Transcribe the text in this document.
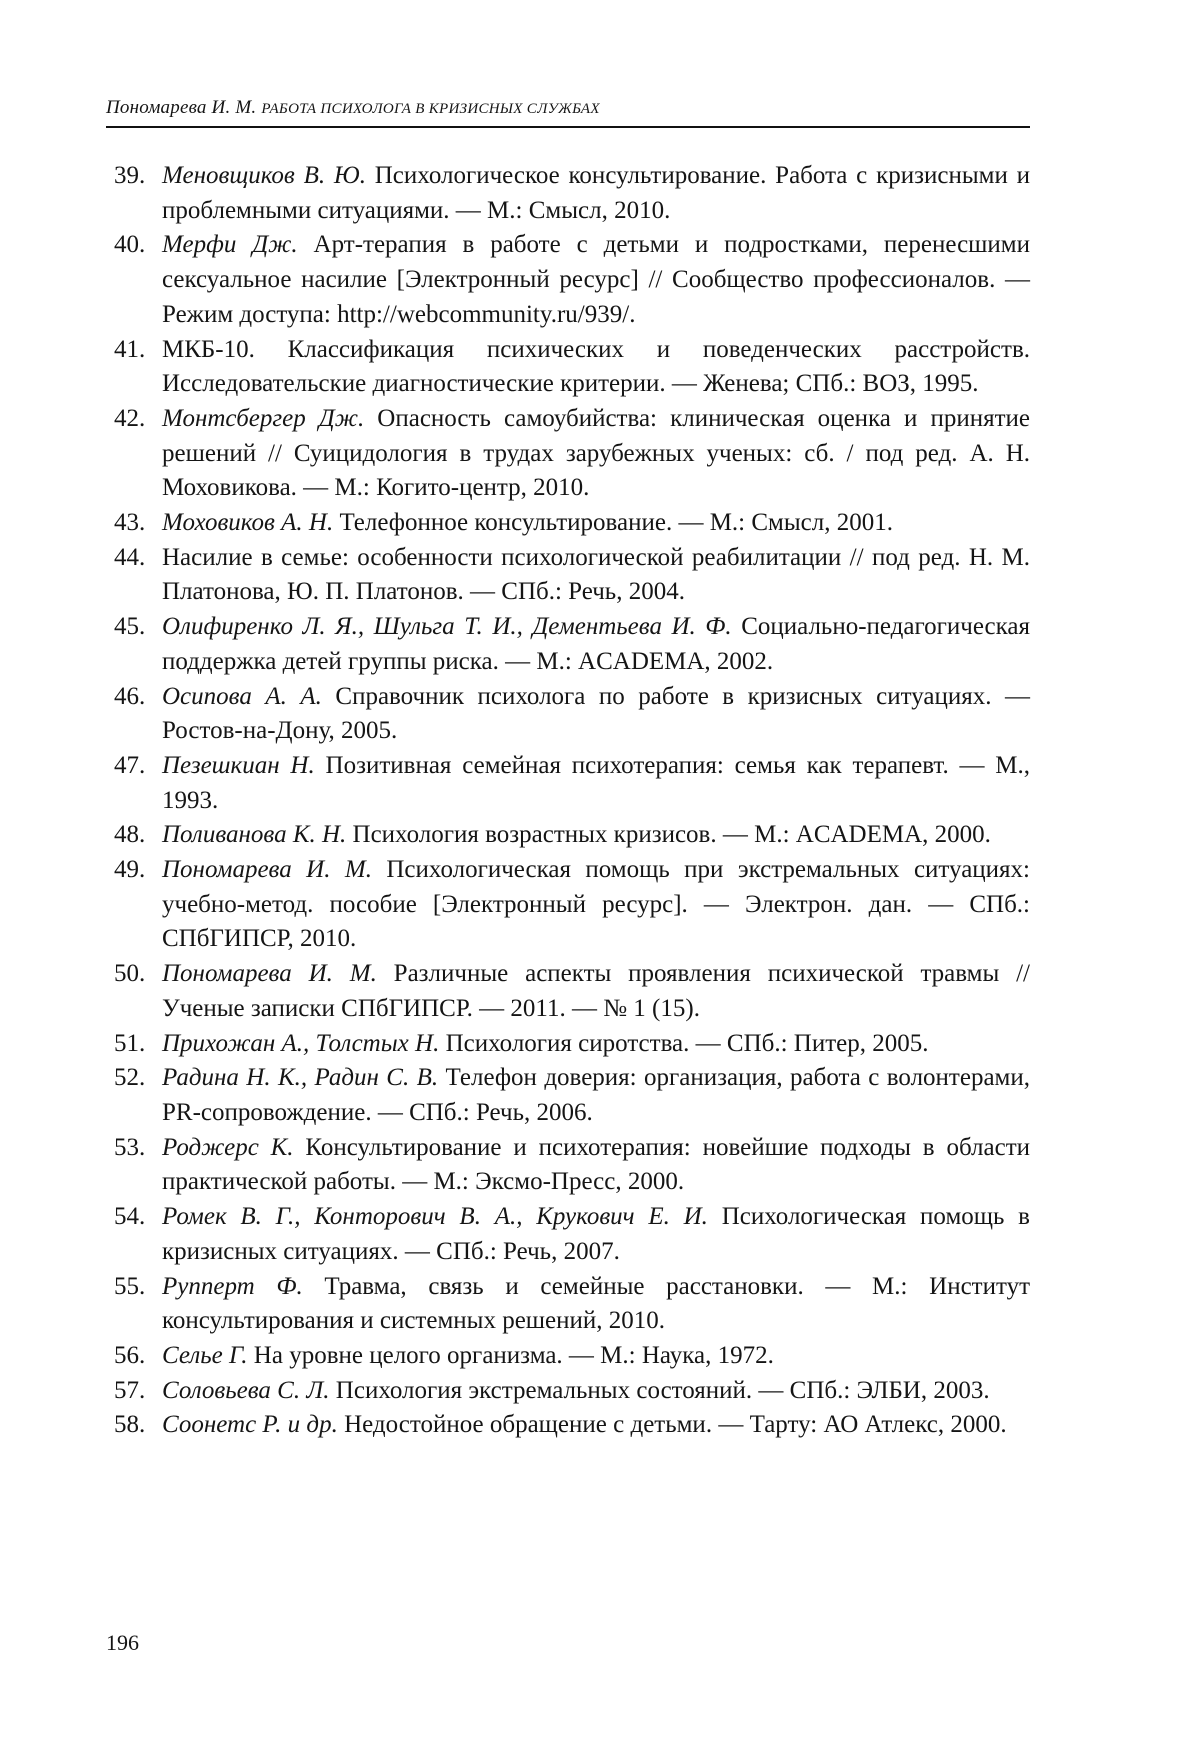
Пономарева И. М. РАБОТА ПСИХОЛОГА В КРИЗИСНЫХ СЛУЖБАХ
39. Меновщиков В. Ю. Психологическое консультирование. Работа с кризисными и проблемными ситуациями. — М.: Смысл, 2010.
40. Мерфи Дж. Арт-терапия в работе с детьми и подростками, перенесшими сексуальное насилие [Электронный ресурс] // Сообщество профессионалов. — Режим доступа: http://webcommunity.ru/939/.
41. МКБ-10. Классификация психических и поведенческих расстройств. Исследовательские диагностические критерии. — Женева; СПб.: ВОЗ, 1995.
42. Монтсбергер Дж. Опасность самоубийства: клиническая оценка и принятие решений // Суицидология в трудах зарубежных ученых: сб. / под ред. А. Н. Моховикова. — М.: Когито-центр, 2010.
43. Моховиков А. Н. Телефонное консультирование. — М.: Смысл, 2001.
44. Насилие в семье: особенности психологической реабилитации // под ред. Н. М. Платонова, Ю. П. Платонов. — СПб.: Речь, 2004.
45. Олифиренко Л. Я., Шульга Т. И., Дементьева И. Ф. Социально-педагогическая поддержка детей группы риска. — М.: ACADEMA, 2002.
46. Осипова А. А. Справочник психолога по работе в кризисных ситуациях. — Ростов-на-Дону, 2005.
47. Пезешкиан Н. Позитивная семейная психотерапия: семья как терапевт. — М., 1993.
48. Поливанова К. Н. Психология возрастных кризисов. — М.: ACADEMA, 2000.
49. Пономарева И. М. Психологическая помощь при экстремальных ситуациях: учебно-метод. пособие [Электронный ресурс]. — Электрон. дан. — СПб.: СПбГИПСР, 2010.
50. Пономарева И. М. Различные аспекты проявления психической травмы // Ученые записки СПбГИПСР. — 2011. — № 1 (15).
51. Прихожан А., Толстых Н. Психология сиротства. — СПб.: Питер, 2005.
52. Радина Н. К., Радин С. В. Телефон доверия: организация, работа с волонтерами, PR-сопровождение. — СПб.: Речь, 2006.
53. Роджерс К. Консультирование и психотерапия: новейшие подходы в области практической работы. — М.: Эксмо-Пресс, 2000.
54. Ромек В. Г., Конторович В. А., Крукович Е. И. Психологическая помощь в кризисных ситуациях. — СПб.: Речь, 2007.
55. Рупперт Ф. Травма, связь и семейные расстановки. — М.: Институт консультирования и системных решений, 2010.
56. Селье Г. На уровне целого организма. — М.: Наука, 1972.
57. Соловьева С. Л. Психология экстремальных состояний. — СПб.: ЭЛБИ, 2003.
58. Соонетс Р. и др. Недостойное обращение с детьми. — Тарту: АО Атлекс, 2000.
196
